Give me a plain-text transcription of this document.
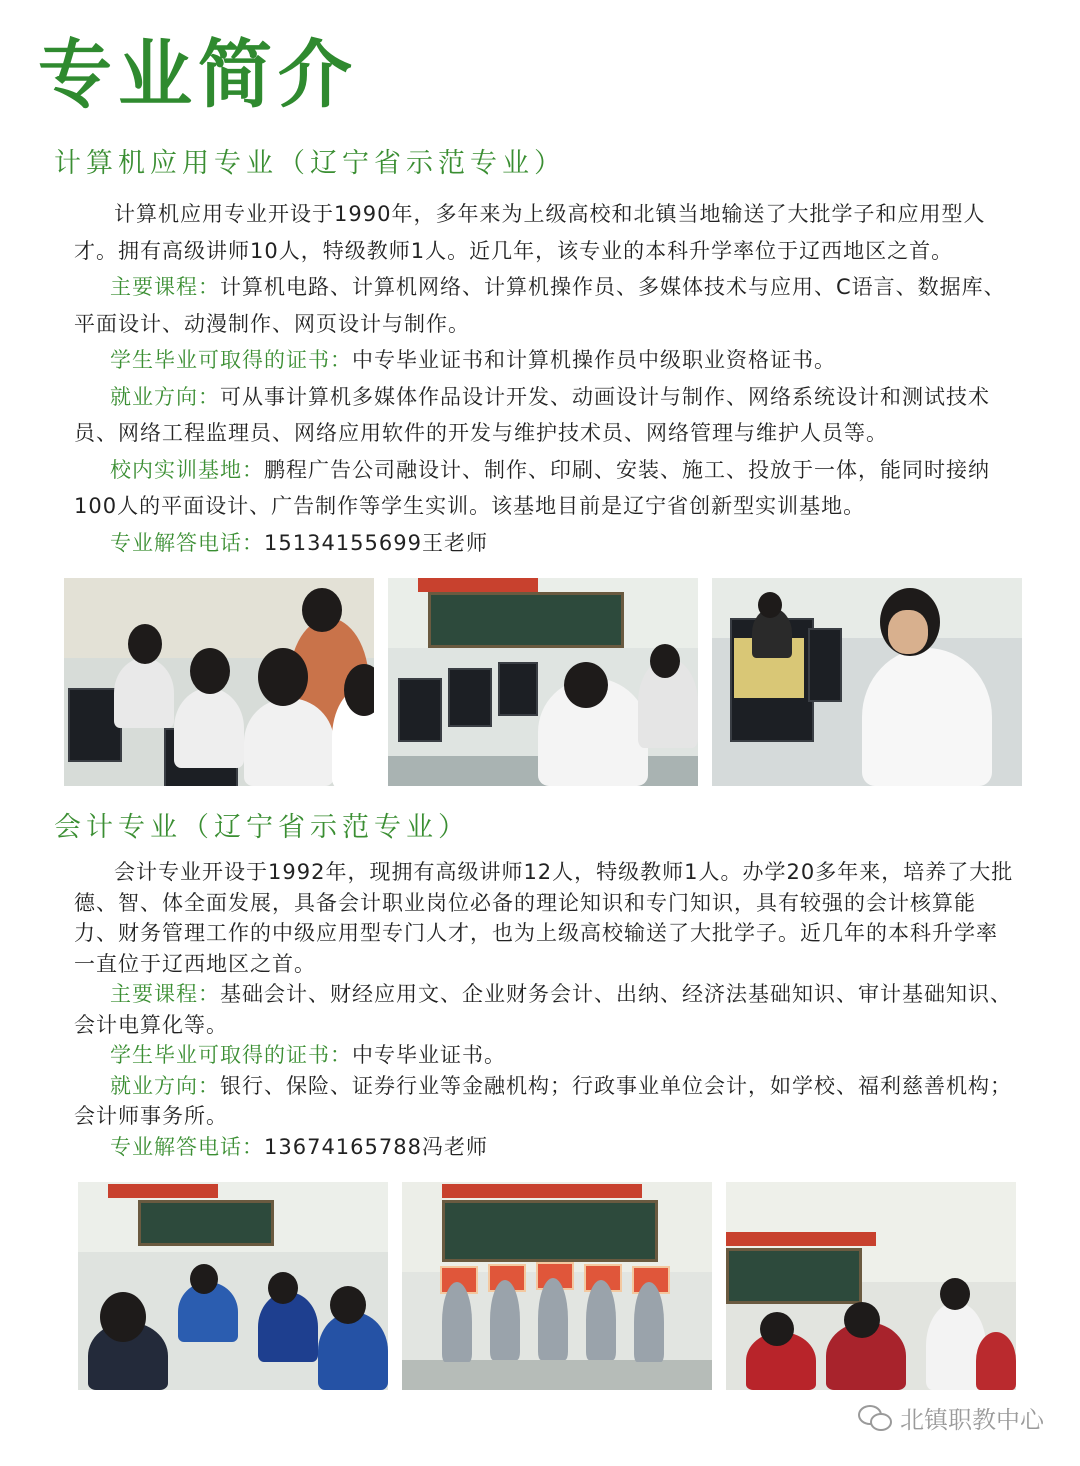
专业简介
计算机应用专业（辽宁省示范专业）

计算机应用专业开设于1990年，多年来为上级高校和北镇当地输送了大批学子和应用型人才。拥有高级讲师10人，特级教师1人。近几年，该专业的本科升学率位于辽西地区之首。

主要课程：计算机电路、计算机网络、计算机操作员、多媒体技术与应用、C语言、数据库、平面设计、动漫制作、网页设计与制作。

学生毕业可取得的证书：中专毕业证书和计算机操作员中级职业资格证书。

就业方向：可从事计算机多媒体作品设计开发、动画设计与制作、网络系统设计和测试技术员、网络工程监理员、网络应用软件的开发与维护技术员、网络管理与维护人员等。

校内实训基地：鹏程广告公司融设计、制作、印刷、安装、施工、投放于一体，能同时接纳100人的平面设计、广告制作等学生实训。该基地目前是辽宁省创新型实训基地。

专业解答电话：15134155699王老师

会计专业（辽宁省示范专业）

会计专业开设于1992年，现拥有高级讲师12人，特级教师1人。办学20多年来，培养了大批德、智、体全面发展，具备会计职业岗位必备的理论知识和专门知识，具有较强的会计核算能力、财务管理工作的中级应用型专门人才，也为上级高校输送了大批学子。近几年的本科升学率一直位于辽西地区之首。

主要课程：基础会计、财经应用文、企业财务会计、出纳、经济法基础知识、审计基础知识、会计电算化等。

学生毕业可取得的证书：中专毕业证书。

就业方向：银行、保险、证券行业等金融机构；行政事业单位会计，如学校、福利慈善机构；会计师事务所。

专业解答电话：13674165788冯老师

北镇职教中心
